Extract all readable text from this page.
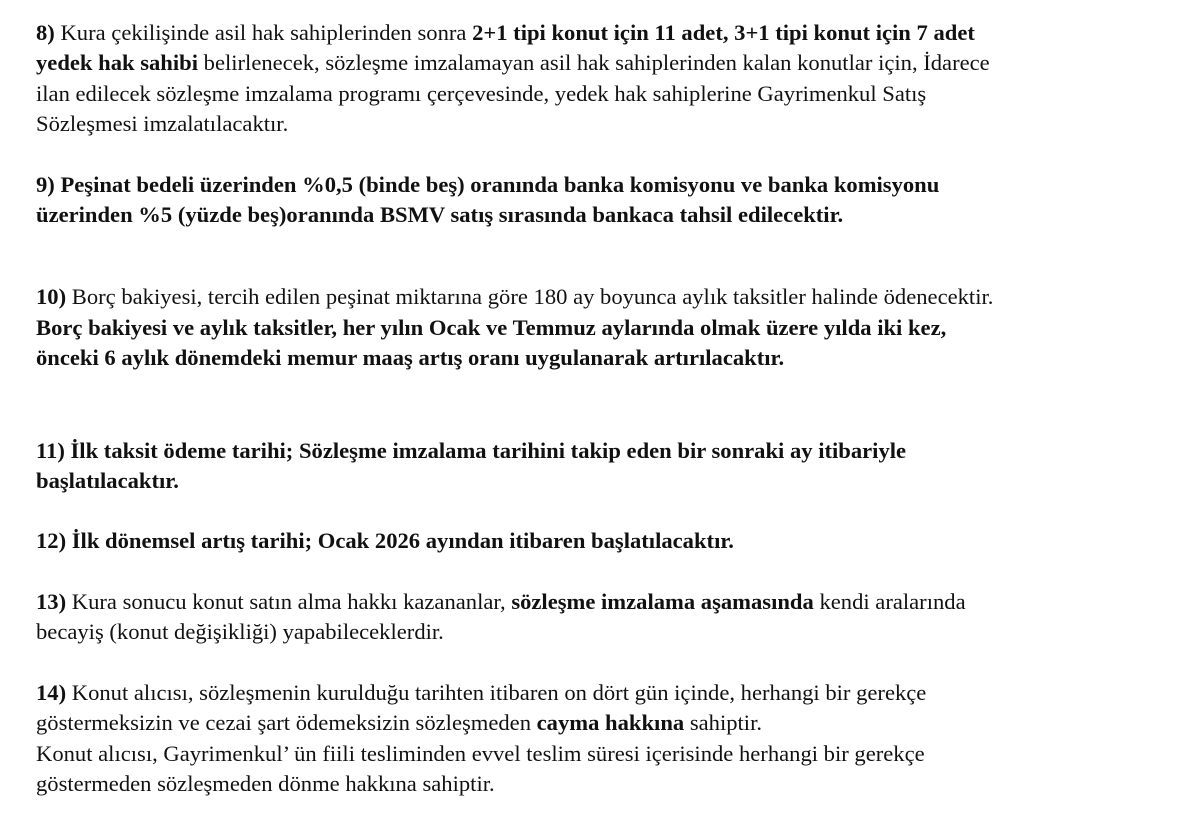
8) Kura çekilişinde asil hak sahiplerinden sonra 2+1 tipi konut için 11 adet, 3+1 tipi konut için 7 adet
yedek hak sahibi belirlenecek, sözleşme imzalamayan asil hak sahiplerinden kalan konutlar için, İdarece
ilan edilecek sözleşme imzalama programı çerçevesinde, yedek hak sahiplerine Gayrimenkul Satış
Sözleşmesi imzalatılacaktır.
9) Peşinat bedeli üzerinden %0,5 (binde beş) oranında banka komisyonu ve banka komisyonu
üzerinden %5 (yüzde beş)oranında BSMV satış sırasında bankaca tahsil edilecektir.
10) Borç bakiyesi, tercih edilen peşinat miktarına göre 180 ay boyunca aylık taksitler halinde ödenecektir.
Borç bakiyesi ve aylık taksitler, her yılın Ocak ve Temmuz aylarında olmak üzere yılda iki kez,
önceki 6 aylık dönemdeki memur maaş artış oranı uygulanarak artırılacaktır.
11) İlk taksit ödeme tarihi; Sözleşme imzalama tarihini takip eden bir sonraki ay itibariyle
başlatılacaktır.
12) İlk dönemsel artış tarihi; Ocak 2026 ayından itibaren başlatılacaktır.
13) Kura sonucu konut satın alma hakkı kazananlar, sözleşme imzalama aşamasında kendi aralarında
becayiş (konut değişikliği) yapabileceklerdir.
14) Konut alıcısı, sözleşmenin kurulduğu tarihten itibaren on dört gün içinde, herhangi bir gerekçe
göstermeksizin ve cezai şart ödemeksizin sözleşmeden cayma hakkına sahiptir.
Konut alıcısı, Gayrimenkul’ ün fiili tesliminden evvel teslim süresi içerisinde herhangi bir gerekçe
göstermeden sözleşmeden dönme hakkına sahiptir.
